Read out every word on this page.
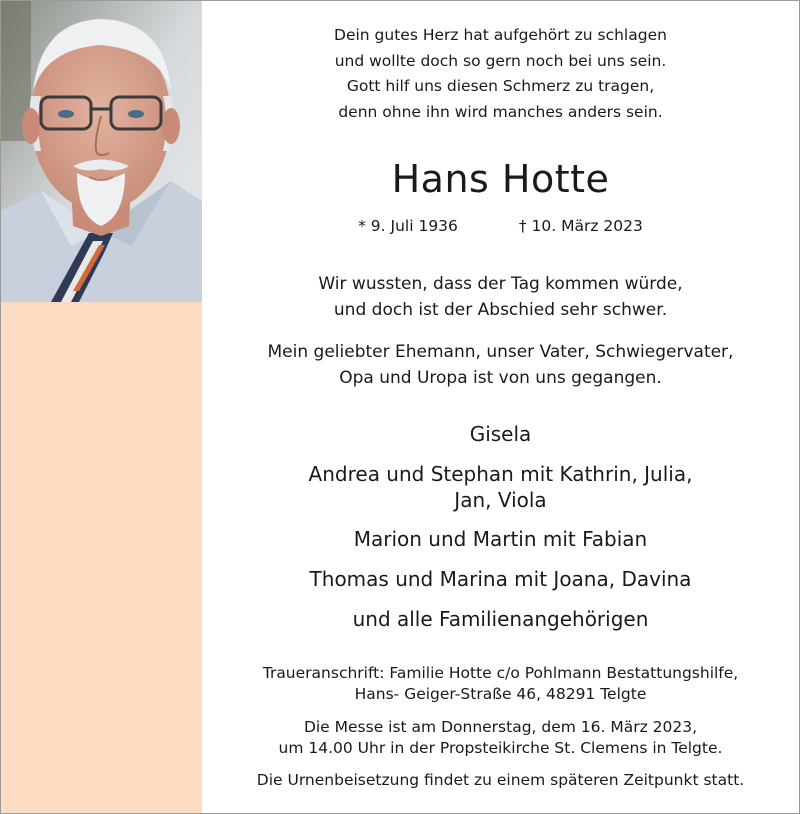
Dein gutes Herz hat aufgehört zu schlagen
und wollte doch so gern noch bei uns sein.
Gott hilf uns diesen Schmerz zu tragen,
denn ohne ihn wird manches anders sein.
Hans Hotte
* 9. Juli 1936	† 10. März 2023
Wir wussten, dass der Tag kommen würde,
und doch ist der Abschied sehr schwer.
Mein geliebter Ehemann, unser Vater, Schwiegervater,
Opa und Uropa ist von uns gegangen.
Gisela
Andrea und Stephan mit Kathrin, Julia,
Jan, Viola
Marion und Martin mit Fabian
Thomas und Marina mit Joana, Davina
und alle Familienangehörigen
Traueranschrift: Familie Hotte c/o Pohlmann Bestattungshilfe,
Hans- Geiger-Straße 46, 48291 Telgte
Die Messe ist am Donnerstag, dem 16. März 2023,
um 14.00 Uhr in der Propsteikirche St. Clemens in Telgte.
Die Urnenbeisetzung findet zu einem späteren Zeitpunkt statt.
